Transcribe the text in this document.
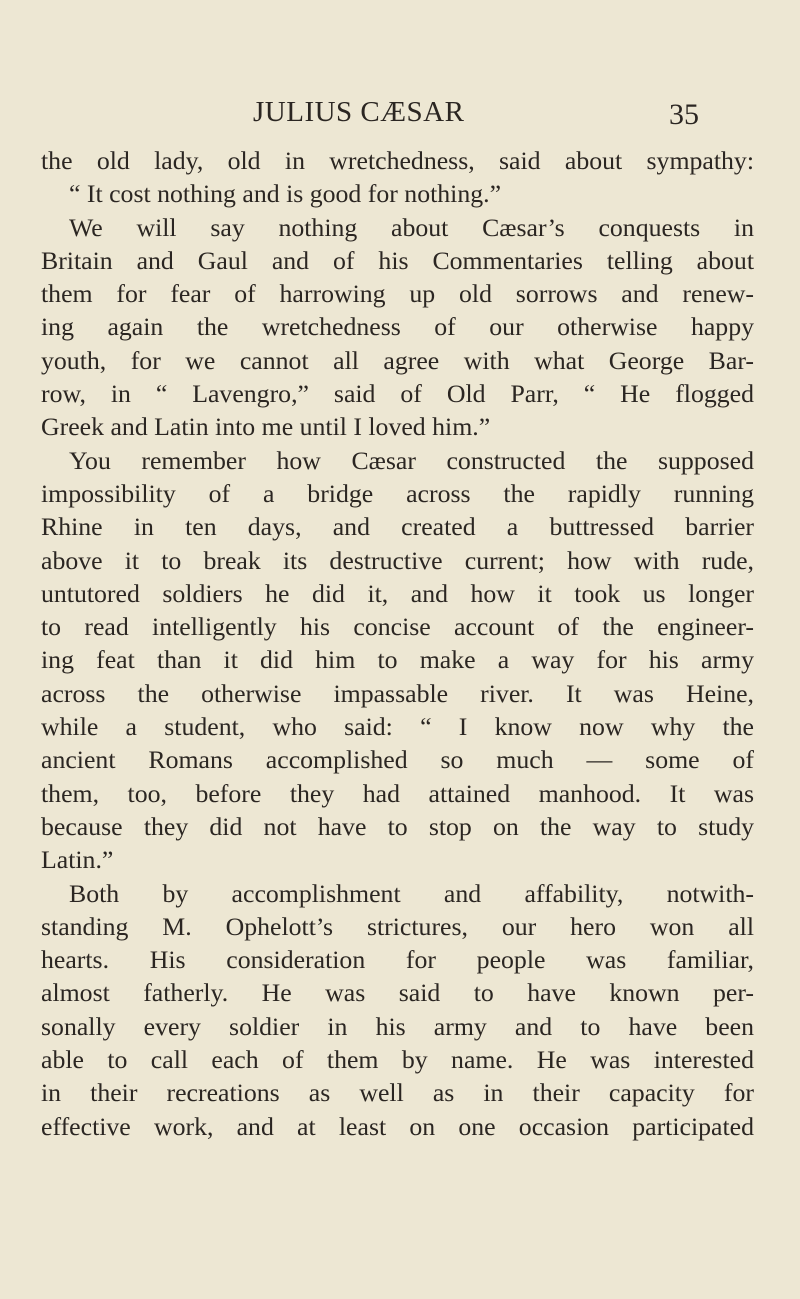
JULIUS CÆSAR	35
the old lady, old in wretchedness, said about sympathy:
“ It cost nothing and is good for nothing.”
We will say nothing about Cæsar’s conquests in
Britain and Gaul and of his Commentaries telling about
them for fear of harrowing up old sorrows and renew-
ing again the wretchedness of our otherwise happy
youth, for we cannot all agree with what George Bar-
row, in “ Lavengro,” said of Old Parr, “ He flogged
Greek and Latin into me until I loved him.”
You remember how Cæsar constructed the supposed
impossibility of a bridge across the rapidly running
Rhine in ten days, and created a buttressed barrier
above it to break its destructive current; how with rude,
untutored soldiers he did it, and how it took us longer
to read intelligently his concise account of the engineer-
ing feat than it did him to make a way for his army
across the otherwise impassable river. It was Heine,
while a student, who said: “ I know now why the
ancient Romans accomplished so much — some of
them, too, before they had attained manhood. It was
because they did not have to stop on the way to study
Latin.”
Both by accomplishment and affability, notwith-
standing M. Ophelott’s strictures, our hero won all
hearts. His consideration for people was familiar,
almost fatherly. He was said to have known per-
sonally every soldier in his army and to have been
able to call each of them by name. He was interested
in their recreations as well as in their capacity for
effective work, and at least on one occasion participated
